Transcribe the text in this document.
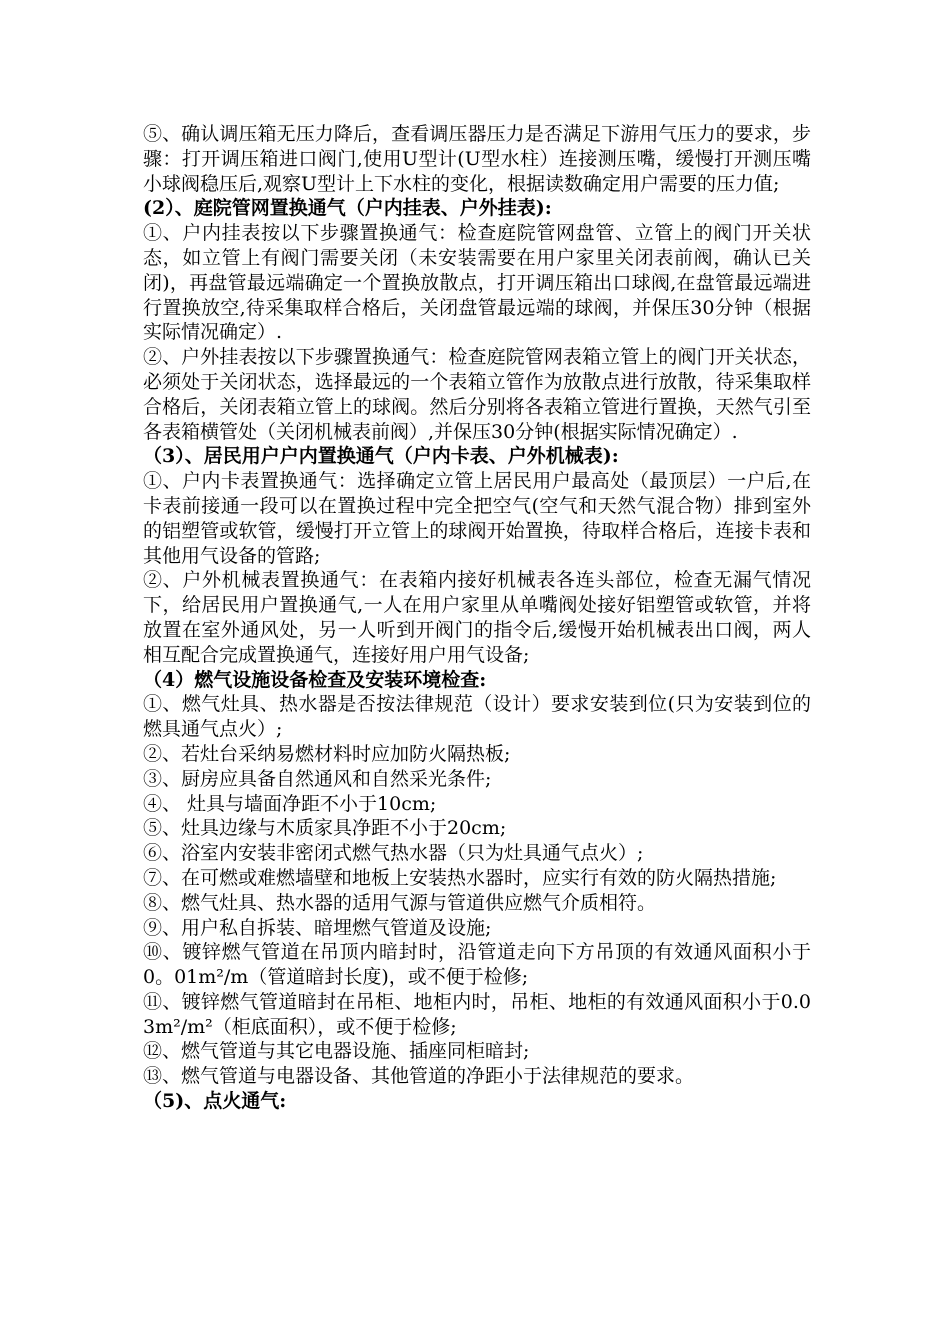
⑤、确认调压箱无压力降后，查看调压器压力是否满足下游用气压力的要求，步骤：打开调压箱进口阀门,使用U型计(U型水柱）连接测压嘴，缓慢打开测压嘴小球阀稳压后,观察U型计上下水柱的变化，根据读数确定用户需要的压力值;

(2）、庭院管网置换通气（户内挂表、户外挂表):

①、户内挂表按以下步骤置换通气：检查庭院管网盘管、立管上的阀门开关状态，如立管上有阀门需要关闭（未安装需要在用户家里关闭表前阀，确认已关闭)，再盘管最远端确定一个置换放散点，打开调压箱出口球阀,在盘管最远端进行置换放空,待采集取样合格后，关闭盘管最远端的球阀，并保压30分钟（根据实际情况确定）.

②、户外挂表按以下步骤置换通气：检查庭院管网表箱立管上的阀门开关状态，必须处于关闭状态，选择最远的一个表箱立管作为放散点进行放散，待采集取样合格后，关闭表箱立管上的球阀。然后分别将各表箱立管进行置换，天然气引至各表箱横管处（关闭机械表前阀）,并保压30分钟(根据实际情况确定）.

（3）、居民用户户内置换通气（户内卡表、户外机械表):

①、户内卡表置换通气：选择确定立管上居民用户最高处（最顶层）一户后,在卡表前接通一段可以在置换过程中完全把空气(空气和天然气混合物）排到室外的铝塑管或软管，缓慢打开立管上的球阀开始置换，待取样合格后，连接卡表和其他用气设备的管路;

②、户外机械表置换通气：在表箱内接好机械表各连头部位，检查无漏气情况下，给居民用户置换通气,一人在用户家里从单嘴阀处接好铝塑管或软管，并将放置在室外通风处，另一人听到开阀门的指令后,缓慢开始机械表出口阀，两人相互配合完成置换通气，连接好用户用气设备;

（4）燃气设施设备检查及安装环境检查:

①、燃气灶具、热水器是否按法律规范（设计）要求安装到位(只为安装到位的燃具通气点火）;

②、若灶台采纳易燃材料时应加防火隔热板;

③、厨房应具备自然通风和自然采光条件;

④、 灶具与墙面净距不小于10cm;

⑤、灶具边缘与木质家具净距不小于20cm;

⑥、浴室内安装非密闭式燃气热水器（只为灶具通气点火）;

⑦、在可燃或难燃墙壁和地板上安装热水器时，应实行有效的防火隔热措施;

⑧、燃气灶具、热水器的适用气源与管道供应燃气介质相符。

⑨、用户私自拆装、暗埋燃气管道及设施;

⑩、镀锌燃气管道在吊顶内暗封时，沿管道走向下方吊顶的有效通风面积小于0。01m²/m（管道暗封长度)，或不便于检修;

⑪、镀锌燃气管道暗封在吊柜、地柜内时，吊柜、地柜的有效通风面积小于0.03m²/m²（柜底面积），或不便于检修;

⑫、燃气管道与其它电器设施、插座同柜暗封;

⑬、燃气管道与电器设备、其他管道的净距小于法律规范的要求。

（5)、点火通气:
